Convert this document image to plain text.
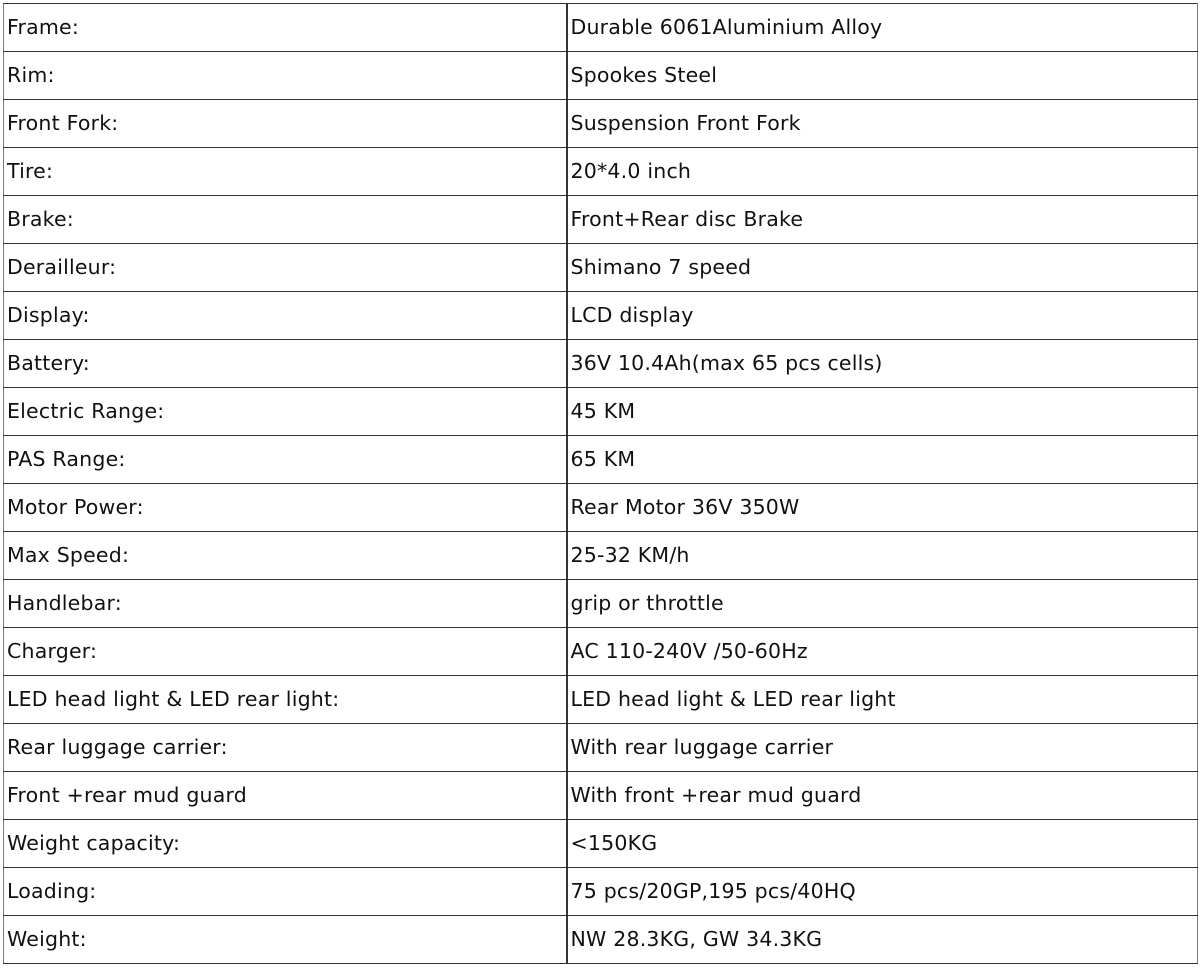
Frame:	Durable 6061Aluminium Alloy
Rim:	Spookes Steel
Front Fork:	Suspension Front Fork
Tire:	20*4.0 inch
Brake:	Front+Rear disc Brake
Derailleur:	Shimano 7 speed
Display:	LCD display
Battery:	36V 10.4Ah(max 65 pcs cells)
Electric Range:	45 KM
PAS Range:	65 KM
Motor Power:	Rear Motor 36V 350W
Max Speed:	25-32 KM/h
Handlebar:	grip or throttle
Charger:	AC 110-240V /50-60Hz
LED head light & LED rear light:	LED head light & LED rear light
Rear luggage carrier:	With rear luggage carrier
Front +rear mud guard	With front +rear mud guard
Weight capacity:	<150KG
Loading:	75 pcs/20GP,195 pcs/40HQ
Weight:	NW 28.3KG, GW 34.3KG
